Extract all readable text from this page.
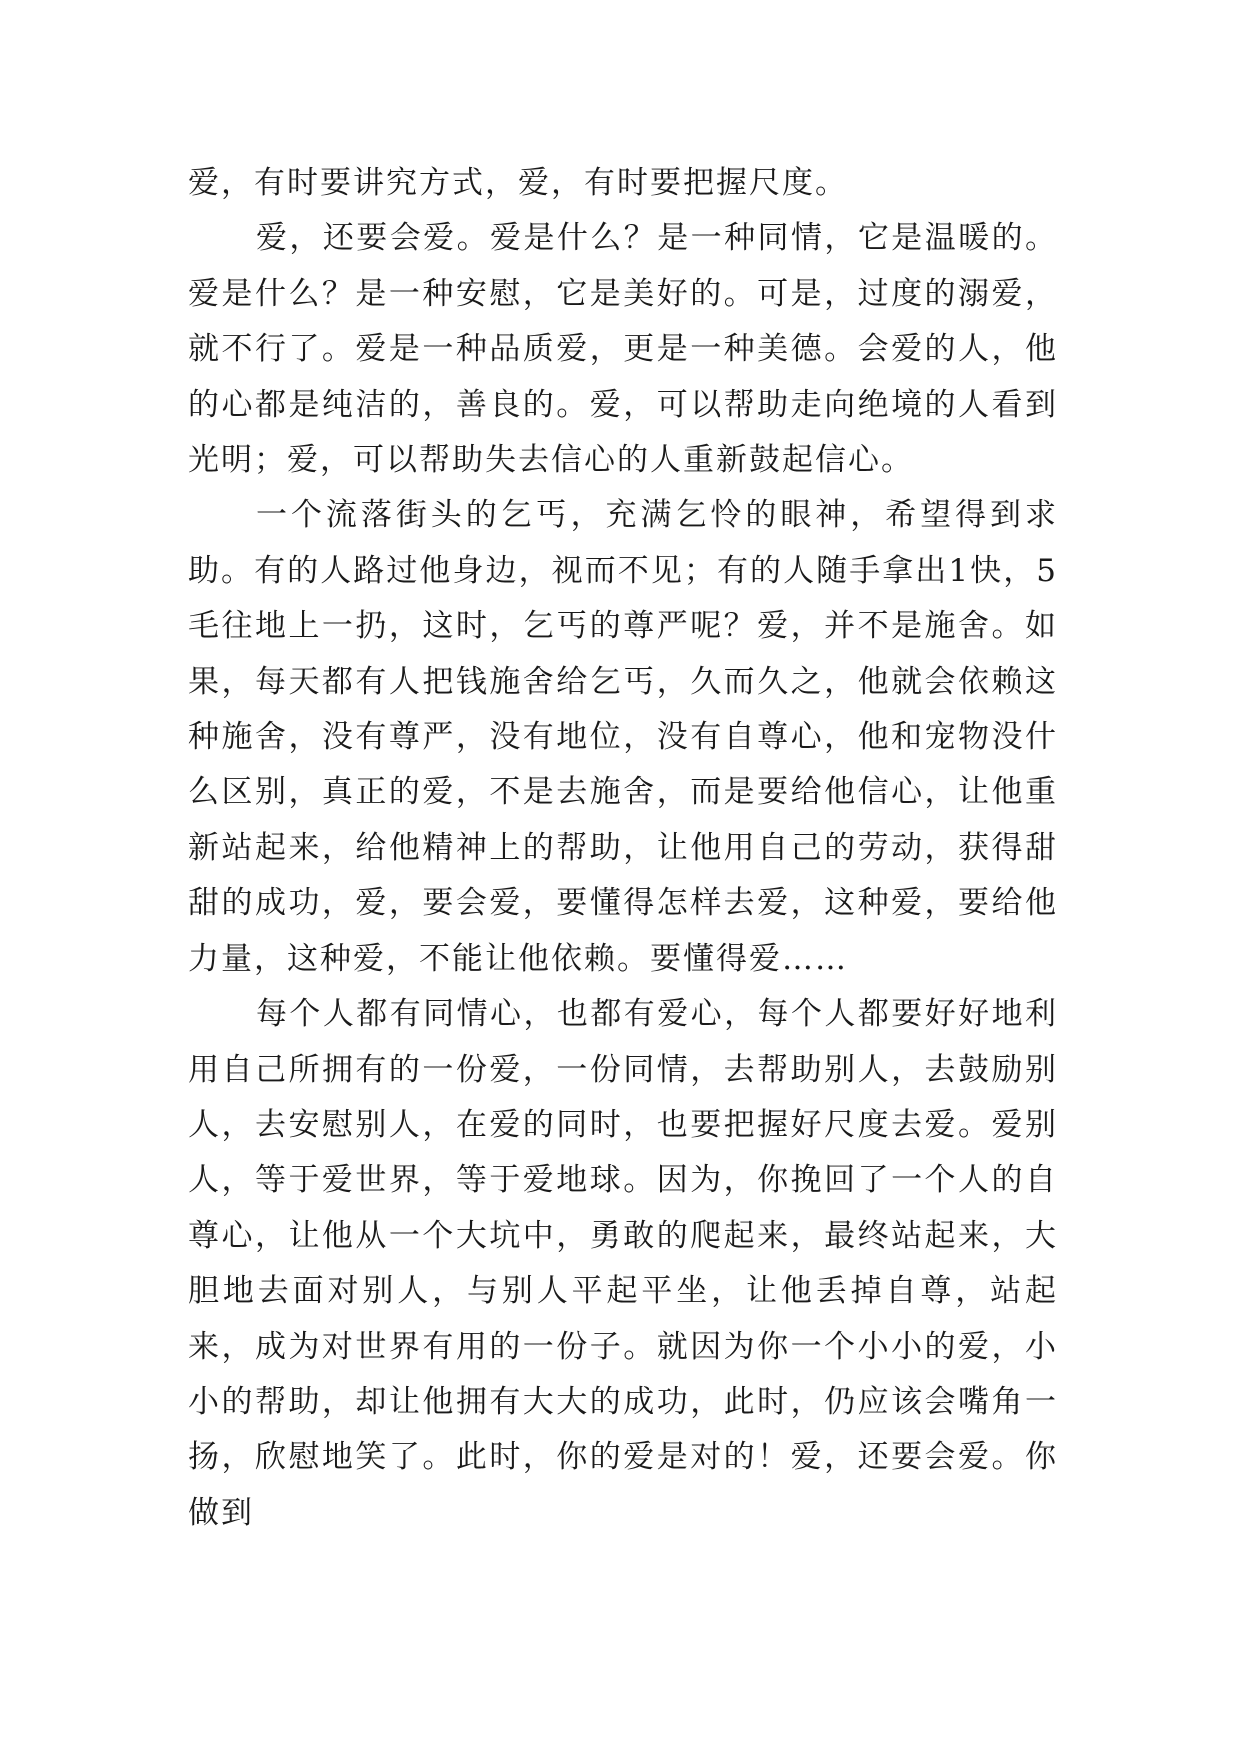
爱，有时要讲究方式，爱，有时要把握尺度。

爱，还要会爱。爱是什么？是一种同情，它是温暖的。爱是什么？是一种安慰，它是美好的。可是，过度的溺爱，就不行了。爱是一种品质爱，更是一种美德。会爱的人，他的心都是纯洁的，善良的。爱，可以帮助走向绝境的人看到光明；爱，可以帮助失去信心的人重新鼓起信心。

一个流落街头的乞丐，充满乞怜的眼神，希望得到求助。有的人路过他身边，视而不见；有的人随手拿出1快，5毛往地上一扔，这时，乞丐的尊严呢？爱，并不是施舍。如果，每天都有人把钱施舍给乞丐，久而久之，他就会依赖这种施舍，没有尊严，没有地位，没有自尊心，他和宠物没什么区别，真正的爱，不是去施舍，而是要给他信心，让他重新站起来，给他精神上的帮助，让他用自己的劳动，获得甜甜的成功，爱，要会爱，要懂得怎样去爱，这种爱，要给他力量，这种爱，不能让他依赖。要懂得爱……

每个人都有同情心，也都有爱心，每个人都要好好地利用自己所拥有的一份爱，一份同情，去帮助别人，去鼓励别人，去安慰别人，在爱的同时，也要把握好尺度去爱。爱别人，等于爱世界，等于爱地球。因为，你挽回了一个人的自尊心，让他从一个大坑中，勇敢的爬起来，最终站起来，大胆地去面对别人，与别人平起平坐，让他丢掉自尊，站起来，成为对世界有用的一份子。就因为你一个小小的爱，小小的帮助，却让他拥有大大的成功，此时，仍应该会嘴角一扬，欣慰地笑了。此时，你的爱是对的！爱，还要会爱。你做到
